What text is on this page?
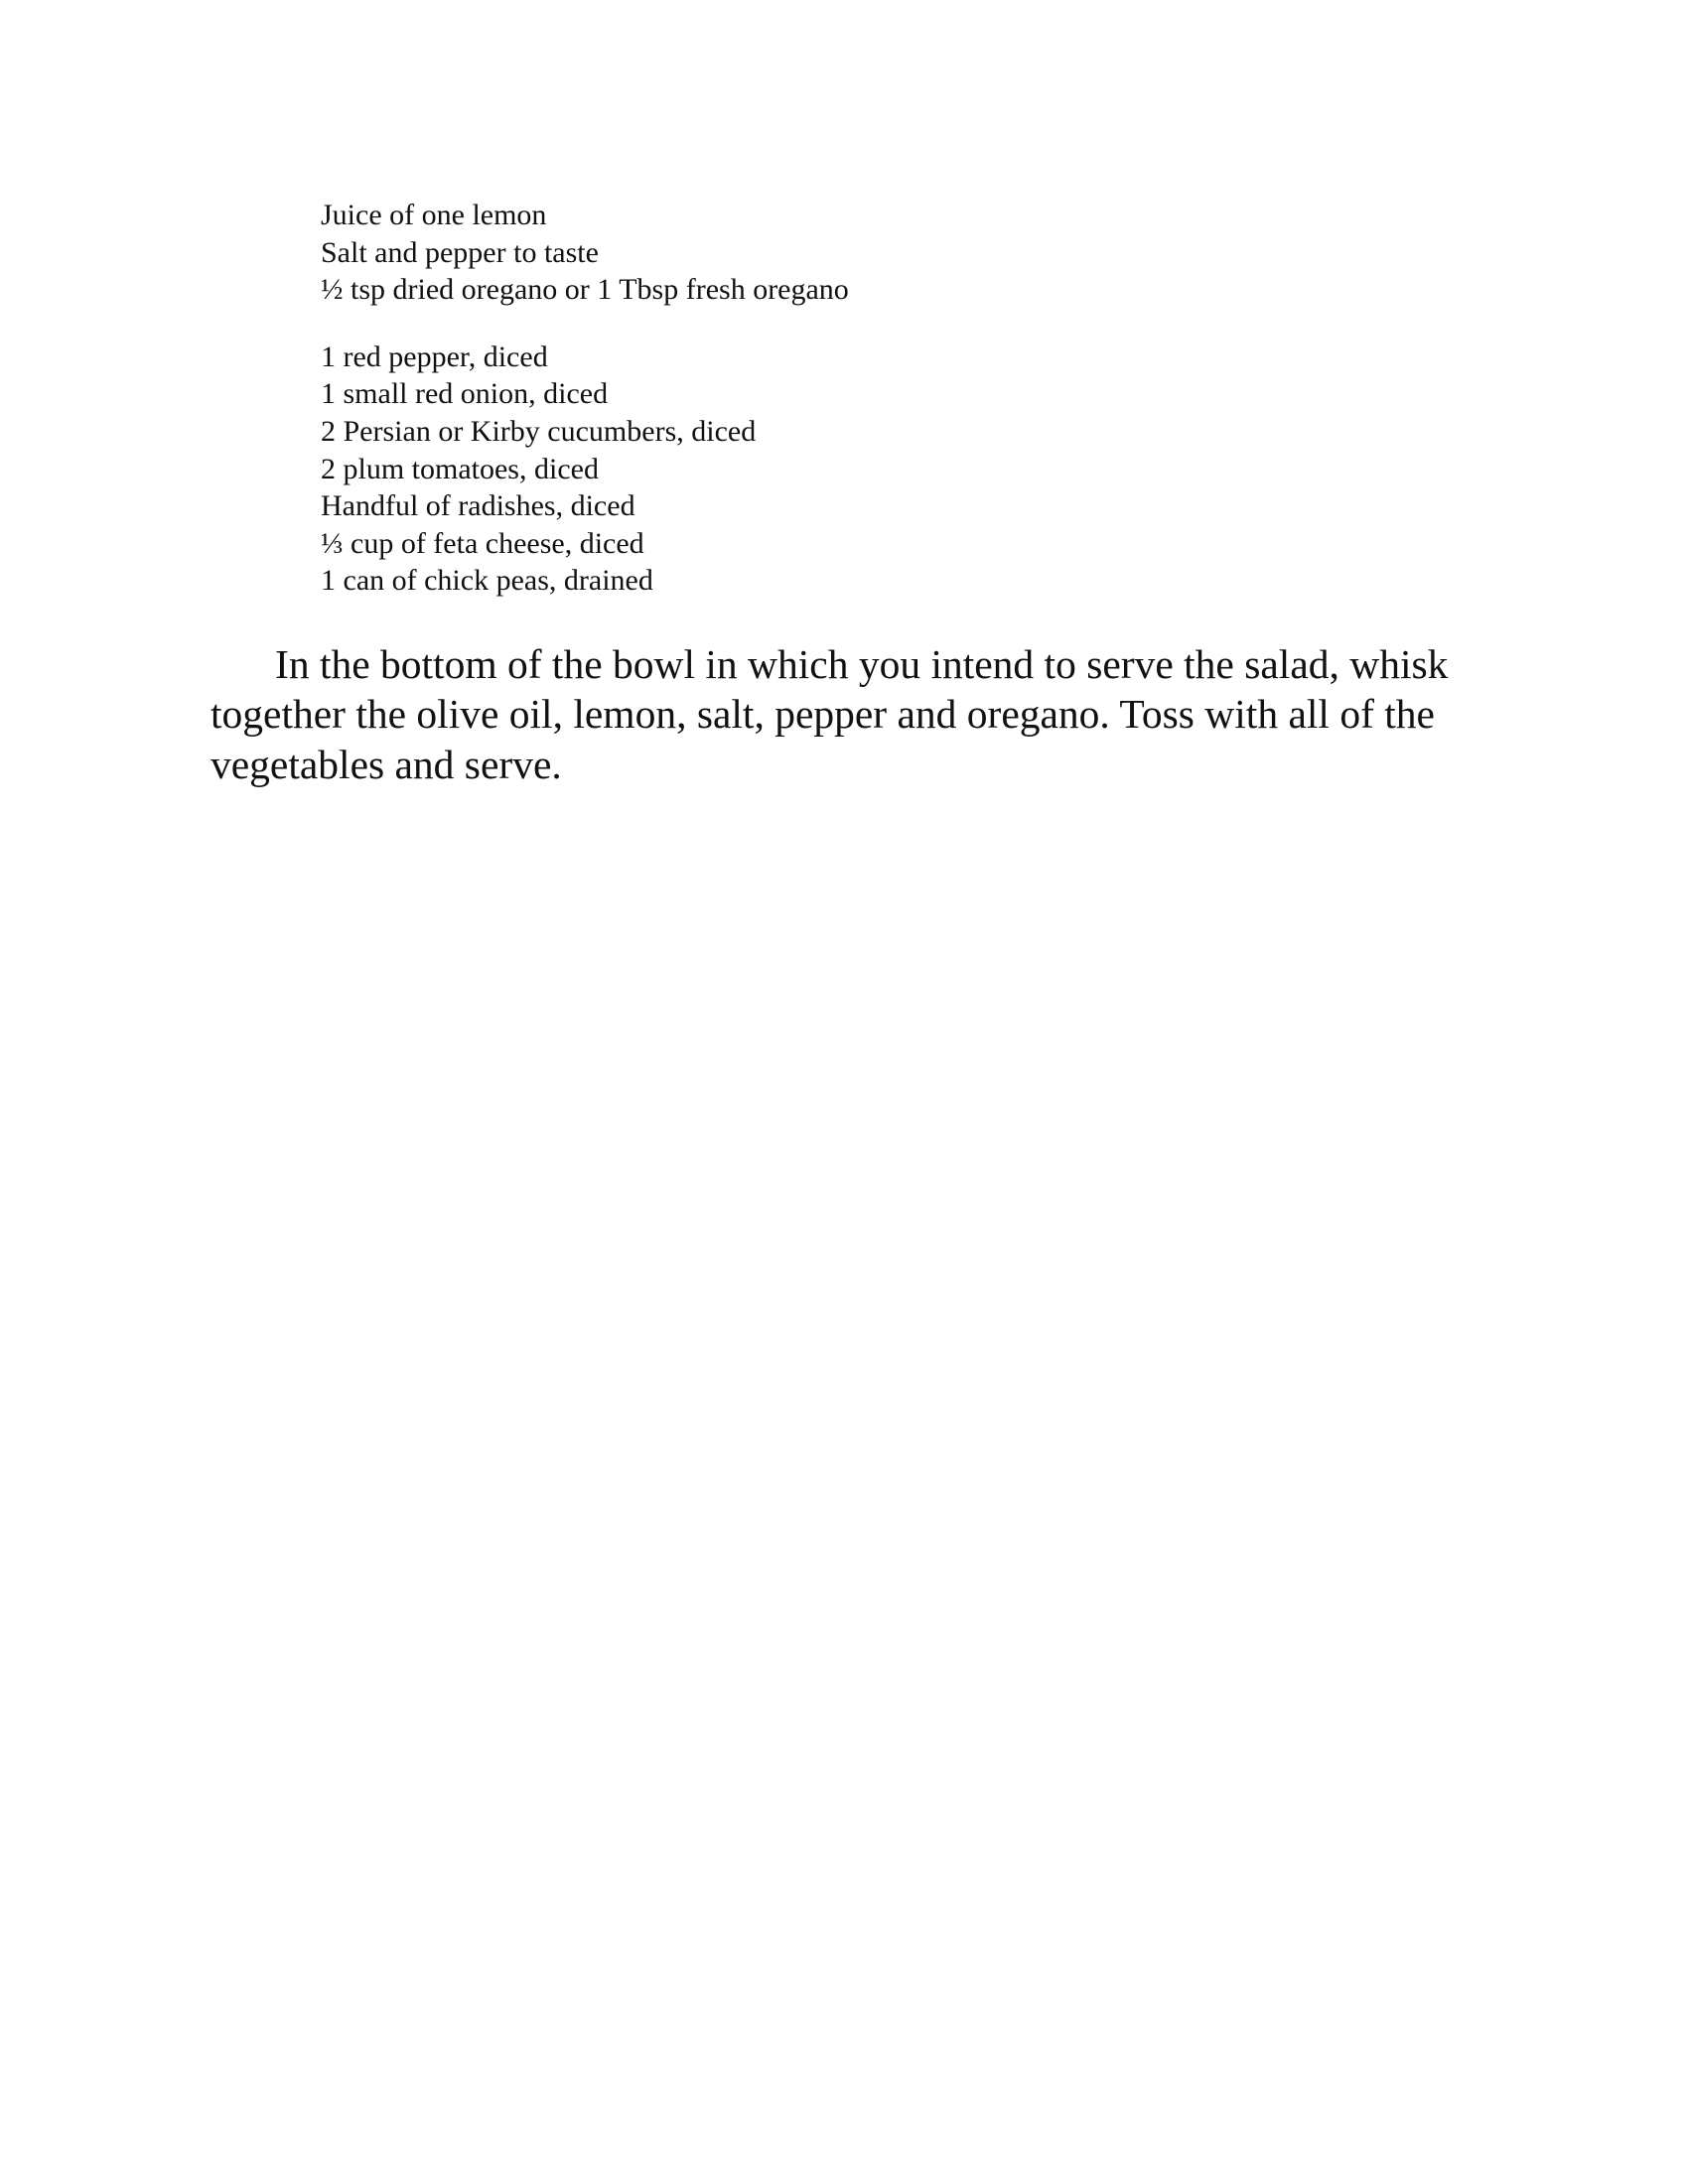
Juice of one lemon
Salt and pepper to taste
½ tsp dried oregano or 1 Tbsp fresh oregano
1 red pepper, diced
1 small red onion, diced
2 Persian or Kirby cucumbers, diced
2 plum tomatoes, diced
Handful of radishes, diced
⅓ cup of feta cheese, diced
1 can of chick peas, drained

In the bottom of the bowl in which you intend to serve the salad, whisk together the olive oil, lemon, salt, pepper and oregano. Toss with all of the vegetables and serve.
